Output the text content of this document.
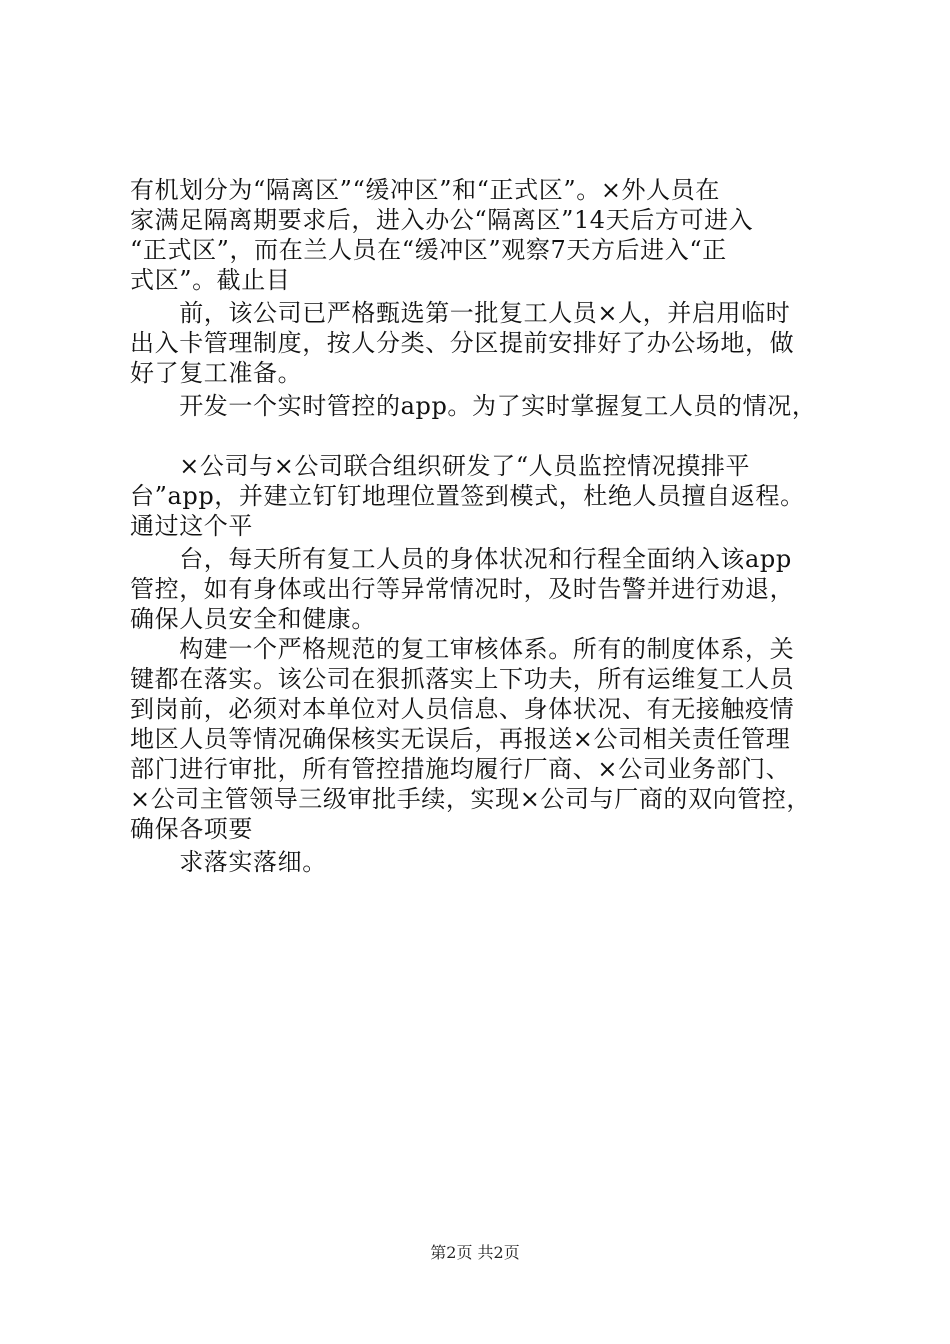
有机划分为“隔离区”“缓冲区”和“正式区”。×外人员在
家满足隔离期要求后，进入办公“隔离区”14天后方可进入
“正式区”，而在兰人员在“缓冲区”观察7天方后进入“正
式区”。截止目
　　前，该公司已严格甄选第一批复工人员×人，并启用临时
出入卡管理制度，按人分类、分区提前安排好了办公场地，做
好了复工准备。
　　开发一个实时管控的app。为了实时掌握复工人员的情况，
　　×公司与×公司联合组织研发了“人员监控情况摸排平
台”app，并建立钉钉地理位置签到模式，杜绝人员擅自返程。
通过这个平
　　台，每天所有复工人员的身体状况和行程全面纳入该app
管控，如有身体或出行等异常情况时，及时告警并进行劝退，
确保人员安全和健康。
　　构建一个严格规范的复工审核体系。所有的制度体系，关
键都在落实。该公司在狠抓落实上下功夫，所有运维复工人员
到岗前，必须对本单位对人员信息、身体状况、有无接触疫情
地区人员等情况确保核实无误后，再报送×公司相关责任管理
部门进行审批，所有管控措施均履行厂商、×公司业务部门、
×公司主管领导三级审批手续，实现×公司与厂商的双向管控，
确保各项要
　　求落实落细。
第2页 共2页
